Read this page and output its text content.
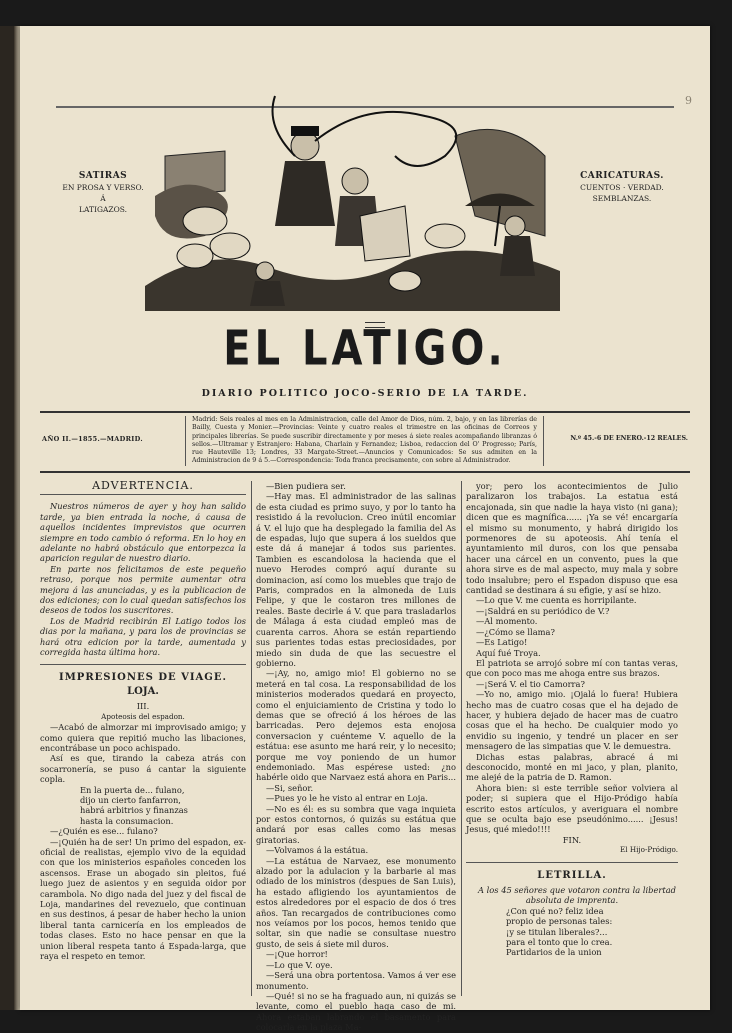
9
SATIRAS
EN PROSA Y VERSO.
Á
LATIGAZOS.
CARICATURAS.
CUENTOS · VERDAD.
SEMBLANZAS.
EL LATIGO.
DIARIO POLITICO JOCO-SERIO DE LA TARDE.
AÑO II.—1855.—MADRID.
Madrid: Seis reales al mes en la Administracion, calle del Amor de Dios, núm. 2, bajo, y en las librerías de Bailly, Cuesta y Monier.—Provincias: Veinte y cuatro reales el trimestre en las oficinas de Correos y principales librerías. Se puede suscribir directamente y por meses á siete reales acompañando libranzas ó sellos.—Ultramar y Estranjero: Habana, Charlain y Fernandez; Lisboa, redaccion del O' Progresso; París, rue Hauteville 13; Londres, 33 Margate-Street.—Anuncios y Comunicados: Se sus admiten en la Administracion de 9 á 5.—Correspondencia: Toda franca precisamente, con sobre al Administrador.
N.º 45.-6 DE ENERO.-12 REALES.
ADVERTENCIA.

Nuestros números de ayer y hoy han salido tarde, ya bien entrada la noche, á causa de aquellos incidentes imprevistos que ocurren siempre en todo cambio ó reforma. En lo hoy en adelante no habrá obstáculo que entorpezca la aparicion regular de nuestro diario.

En parte nos felicitamos de este pequeño retraso, porque nos permite aumentar otra mejora á las anunciadas, y es la publicacion de dos ediciones; con lo cual quedan satisfechos los deseos de todos los suscritores.

Los de Madrid recibirán El Latigo todos los dias por la mañana, y para los de provincias se hará otra edicion por la tarde, aumentada y corregida hasta última hora.

IMPRESIONES DE VIAGE.
LOJA.
III.
Apoteosis del espadon.

—Acabó de almorzar mi improvisado amigo; y como quiera que repitió mucho las libaciones, encontrábase un poco achispado.

Así es que, tirando la cabeza atrás con socarronería, se puso á cantar la siguiente copla.

En la puerta de... fulano,

dijo un cierto fanfarron,

habrá arbitrios y finanzas

hasta la consumacion.

—¿Quién es ese... fulano?

—¡Quién ha de ser! Un primo del espadon, ex-oficial de realistas, ejemplo vivo de la equidad con que los ministerios españoles conceden los ascensos. Erase un abogado sin pleitos, fué luego juez de asientos y en seguida oidor por carambola. No digo nada del juez y del fiscal de Loja, mandarines del revezuelo, que continuan en sus destinos, á pesar de haber hecho la union liberal tanta carnicería en los empleados de todas clases. Esto no hace pensar en que la union liberal respeta tanto á Espada-larga, que raya el respeto en temor.

—Bien pudiera ser.

—Hay mas. El administrador de las salinas de esta ciudad es primo suyo, y por lo tanto ha resistido á la revolucion. Creo inútil encomiar á V. el lujo que ha desplegado la familia del As de espadas, lujo que supera á los sueldos que este dá á manejar á todos sus parientes. Tambien es escandolosa la hacienda que el nuevo Herodes compró aquí durante su dominacion, así como los muebles que trajo de Paris, comprados en la almoneda de Luis Felipe, y que le costaron tres millones de reales. Baste decirle á V. que para trasladarlos de Málaga á esta ciudad empleó mas de cuarenta carros. Ahora se están repartiendo sus parientes todas estas preciosidades, por miedo sin duda de que las secuestre el gobierno.

—¡Ay, no, amigo mio! El gobierno no se meterá en tal cosa. La responsabilidad de los ministerios moderados quedará en proyecto, como el enjuiciamiento de Cristina y todo lo demas que se ofreció á los héroes de las barricadas. Pero dejemos esta enojosa conversacion y cuénteme V. aquello de la estátua: ese asunto me hará reir, y lo necesito; porque me voy poniendo de un humor endemoniado. Mas espérese usted: ¿no habérle oido que Narvaez está ahora en Paris...

—Si, señor.

—Pues yo le he visto al entrar en Loja.

—No es él: es su sombra que vaga inquieta por estos contornos, ó quizás su estátua que andará por esas calles como las mesas giratorias.

—Volvamos á la estátua.

—La estátua de Narvaez, ese monumento alzado por la adulacion y la barbarie al mas odiado de los ministros (despues de San Luis), ha estado afligiendo los ayuntamientos de estos alrededores por el espacio de dos ó tres años. Tan recargados de contribuciones como nos veíamos por los pocos, hemos tenido que soltar, sin que nadie se consultase nuestro gusto, de seis á siete mil duros.

—¡Que horror!

—Lo que V. oye.

—Será una obra portentosa. Vamos á ver ese monumento.

—Qué! si no se ha fraguado aun, ni quizás se levante, como el pueblo haga caso de mi. Ahora estaban labrando el basamento para colocarla en la plaza Ma-

yor; pero los acontecimientos de Julio paralizaron los trabajos. La estatua está encajonada, sin que nadie la haya visto (ni gana); dicen que es magnífica...... ¡Ya se vé! encargaría el mismo su monumento, y habrá dirigido los pormenores de su apoteosis. Ahí tenía el ayuntamiento mil duros, con los que pensaba hacer una cárcel en un convento, pues la que ahora sirve es de mal aspecto, muy mala y sobre todo insalubre; pero el Espadon dispuso que esa cantidad se destinara á su efigie, y así se hizo.

—Lo que V. me cuenta es horripilante.

—¡Saldrá en su periódico de V.?

—Al momento.

—¿Cómo se llama?

—Es Latigo!

Aquí fué Troya.

El patriota se arrojó sobre mí con tantas veras, que con poco mas me ahoga entre sus brazos.

—¡Será V. el tio Camorra?

—Yo no, amigo mio. ¡Ojalá lo fuera! Hubiera hecho mas de cuatro cosas que el ha dejado de hacer, y hubiera dejado de hacer mas de cuatro cosas que el ha hecho. De cualquier modo yo envidio su ingenio, y tendré un placer en ser mensagero de las simpatias que V. le demuestra.

Dichas estas palabras, abracé á mi desconocido, monté en mi jaco, y plan, planito, me alejé de la patria de D. Ramon.

Ahora bien: si este terrible señor volviera al poder; si supiera que el Hijo-Pródigo había escrito estos artículos, y averiguara el nombre que se oculta bajo ese pseudónimo...... ¡Jesus! Jesus, qué miedo!!!!

FIN.
El Hijo-Pródigo.
LETRILLA.

A los 45 señores que votaron contra la libertad absoluta de imprenta.

¿Con qué no? feliz idea

propio de personas tales:

¡y se titulan liberales?...

para el tonto que lo crea.

Partidarios de la union
